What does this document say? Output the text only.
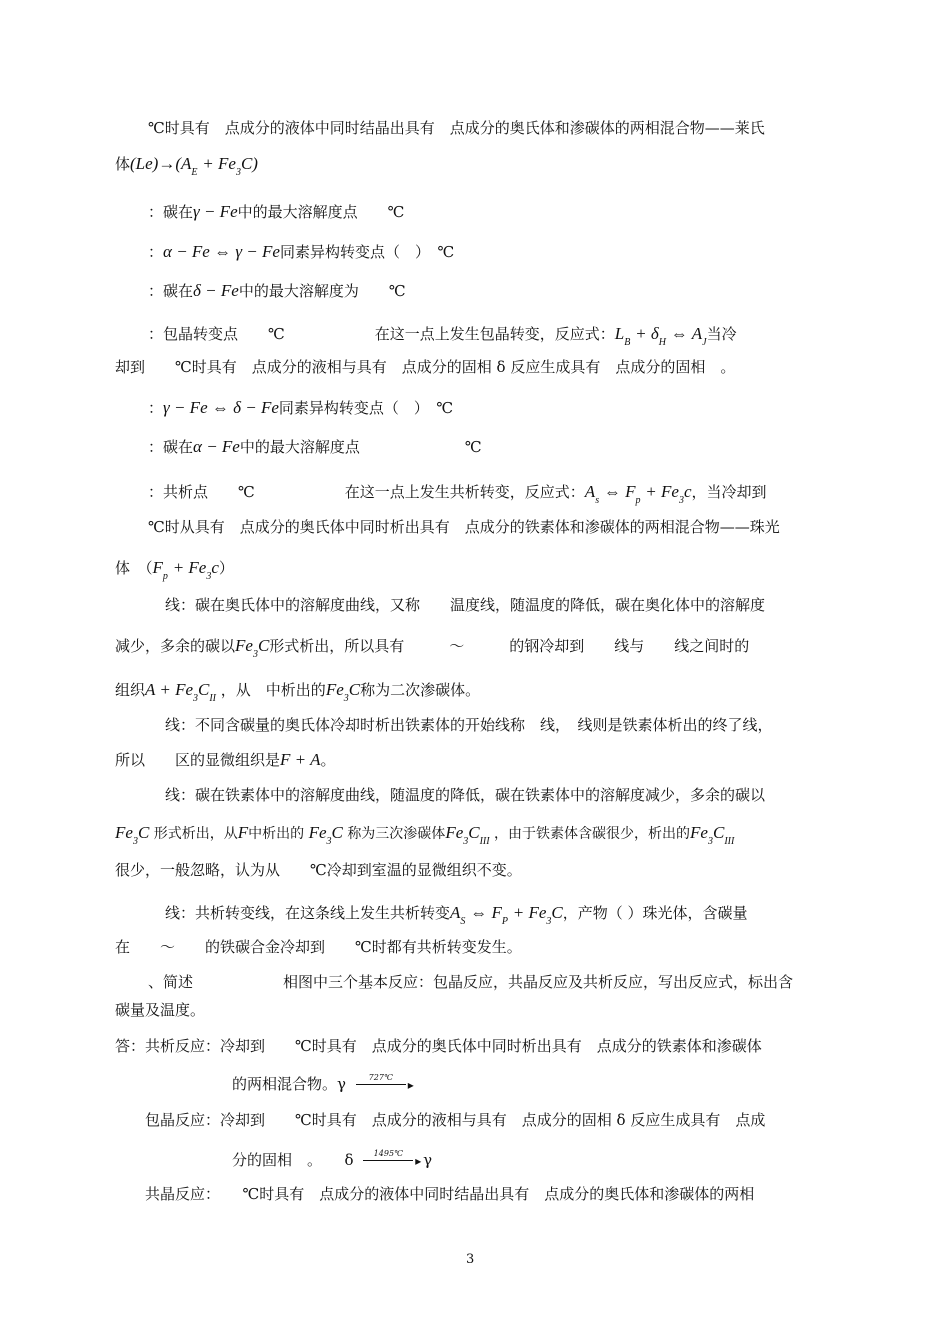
℃时具有　点成分的液体中同时结晶出具有　点成分的奥氏体和渗碳体的两相混合物——莱氏
体$(Le)\to(A_E + Fe_3C)$
：碳在γ − Fe中的最大溶解度点　　℃
：α − Fe ⇔ γ − Fe同素异构转变点（　）　℃
：碳在δ − Fe中的最大溶解度为　　℃
：包晶转变点　　℃　　　　　　在这一点上发生包晶转变，反应式：$L_B + \delta_H$ ⇔ $A_J$当冷
却到　　℃时具有　点成分的液相与具有　点成分的固相 δ 反应生成具有　点成分的固相　。
：γ − Fe ⇔ δ − Fe同素异构转变点（　）　℃
：碳在α − Fe中的最大溶解度点　　　　　　　℃
：共析点　　℃　　　　　　在这一点上发生共析转变，反应式：$A_s$ ⇔ $F_p + Fe_3c$，当冷却到
℃时从具有　点成分的奥氏体中同时析出具有　点成分的铁素体和渗碳体的两相混合物——珠光
体　$(F_p + Fe_3c)$
线：碳在奥氏体中的溶解度曲线，又称　　温度线，随温度的降低，碳在奥化体中的溶解度
减少，多余的碳以$Fe_3C$形式析出，所以具有　　　～　　　的钢冷却到　　线与　　线之间时的
组织$A + Fe_3C_{II}$ ，从　中析出的$Fe_3C$称为二次渗碳体。
线：不同含碳量的奥氏体冷却时析出铁素体的开始线称　线，　线则是铁素体析出的终了线，
所以　　区的显微组织是F + A。
线：碳在铁素体中的溶解度曲线，随温度的降低，碳在铁素体中的溶解度减少，多余的碳以
$Fe_3C$ 形式析出，从F中析出的 $Fe_3C$ 称为三次渗碳体$Fe_3C_{III}$ ，由于铁素体含碳很少，析出的$Fe_3C_{III}$
很少，一般忽略，认为从　　℃冷却到室温的显微组织不变。
线：共析转变线，在这条线上发生共析转变$A_S$ ⇔ $F_P + Fe_3C$，产物（ ）珠光体，含碳量
在　　～　　的铁碳合金冷却到　　℃时都有共析转变发生。
、简述　　　　　　相图中三个基本反应：包晶反应，共晶反应及共析反应，写出反应式，标出含
碳量及温度。
答：共析反应：冷却到　　℃时具有　点成分的奥氏体中同时析出具有　点成分的铁素体和渗碳体
的两相混合物。γ	727℃
▸
包晶反应：冷却到　　℃时具有　点成分的液相与具有　点成分的固相 δ 反应生成具有　点成
分的固相　。　　δ	1495℃ ▸	γ
共晶反应：　　℃时具有　点成分的液体中同时结晶出具有　点成分的奥氏体和渗碳体的两相
3
